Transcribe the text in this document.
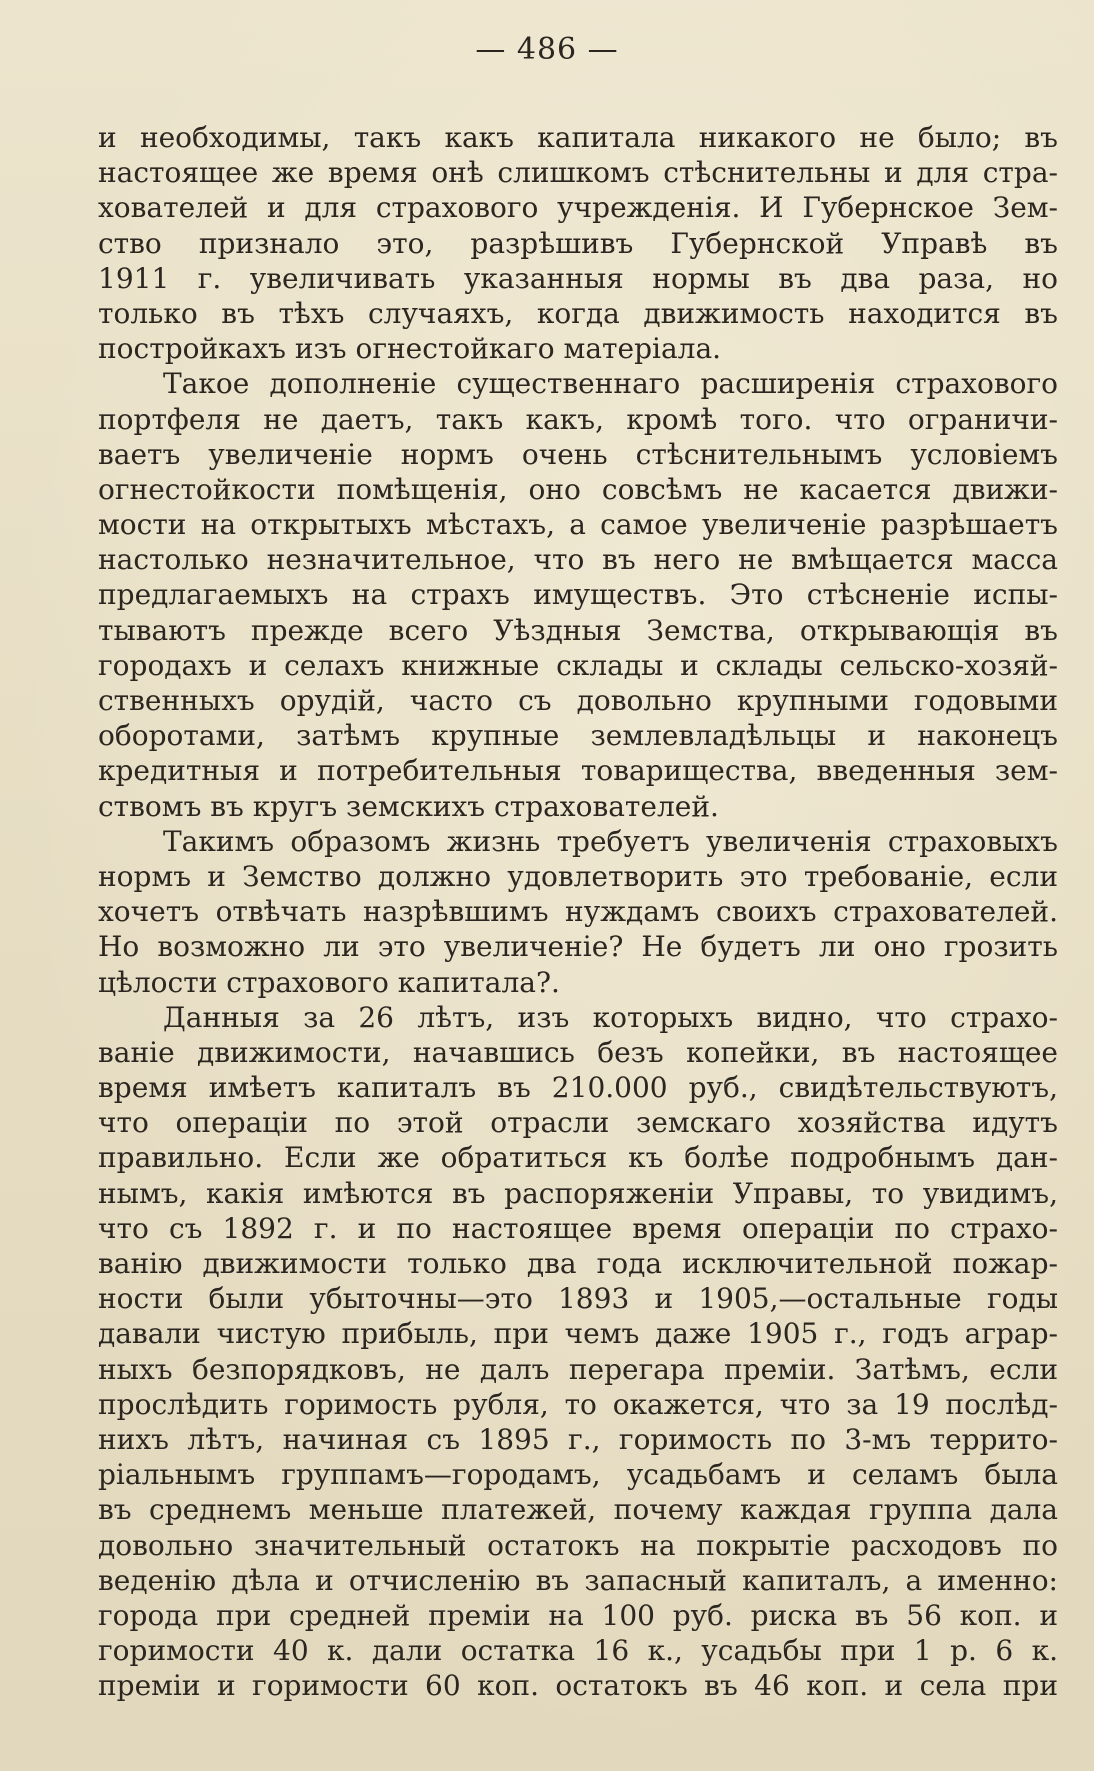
— 486 —
и необходимы, такъ какъ капитала никакого не было; въ
настоящее же время онѣ слишкомъ стѣснительны и для стра-
хователей и для страхового учрежденія. И Губернское Зем-
ство признало это, разрѣшивъ Губернской Управѣ въ
1911 г. увеличивать указанныя нормы въ два раза, но
только въ тѣхъ случаяхъ, когда движимость находится въ
постройкахъ изъ огнестойкаго матеріала.
Такое дополненіе существеннаго расширенія страхового
портфеля не даетъ, такъ какъ, кромѣ того. что ограничи-
ваетъ увеличеніе нормъ очень стѣснительнымъ условіемъ
огнестойкости помѣщенія, оно совсѣмъ не касается движи-
мости на открытыхъ мѣстахъ, а самое увеличеніе разрѣшаетъ
настолько незначительное, что въ него не вмѣщается масса
предлагаемыхъ на страхъ имуществъ. Это стѣсненіе испы-
тываютъ прежде всего Уѣздныя Земства, открывающія въ
городахъ и селахъ книжные склады и склады сельско-хозяй-
ственныхъ орудій, часто съ довольно крупными годовыми
оборотами, затѣмъ крупные землевладѣльцы и наконецъ
кредитныя и потребительныя товарищества, введенныя зем-
ствомъ въ кругъ земскихъ страхователей.
Такимъ образомъ жизнь требуетъ увеличенія страховыхъ
нормъ и Земство должно удовлетворить это требованіе, если
хочетъ отвѣчать назрѣвшимъ нуждамъ своихъ страхователей.
Но возможно ли это увеличеніе? Не будетъ ли оно грозить
цѣлости страхового капитала?.
Данныя за 26 лѣтъ, изъ которыхъ видно, что страхо-
ваніе движимости, начавшись безъ копейки, въ настоящее
время имѣетъ капиталъ въ 210.000 руб., свидѣтельствуютъ,
что операціи по этой отрасли земскаго хозяйства идутъ
правильно. Если же обратиться къ болѣе подробнымъ дан-
нымъ, какія имѣются въ распоряженіи Управы, то увидимъ,
что съ 1892 г. и по настоящее время операціи по страхо-
ванію движимости только два года исключительной пожар-
ности были убыточны—это 1893 и 1905,—остальные годы
давали чистую прибыль, при чемъ даже 1905 г., годъ аграр-
ныхъ безпорядковъ, не далъ перегара преміи. Затѣмъ, если
прослѣдить горимость рубля, то окажется, что за 19 послѣд-
нихъ лѣтъ, начиная съ 1895 г., горимость по 3-мъ террито-
ріальнымъ группамъ—городамъ, усадьбамъ и селамъ была
въ среднемъ меньше платежей, почему каждая группа дала
довольно значительный остатокъ на покрытіе расходовъ по
веденію дѣла и отчисленію въ запасный капиталъ, а именно:
города при средней преміи на 100 руб. риска въ 56 коп. и
горимости 40 к. дали остатка 16 к., усадьбы при 1 р. 6 к.
преміи и горимости 60 коп. остатокъ въ 46 коп. и села при
